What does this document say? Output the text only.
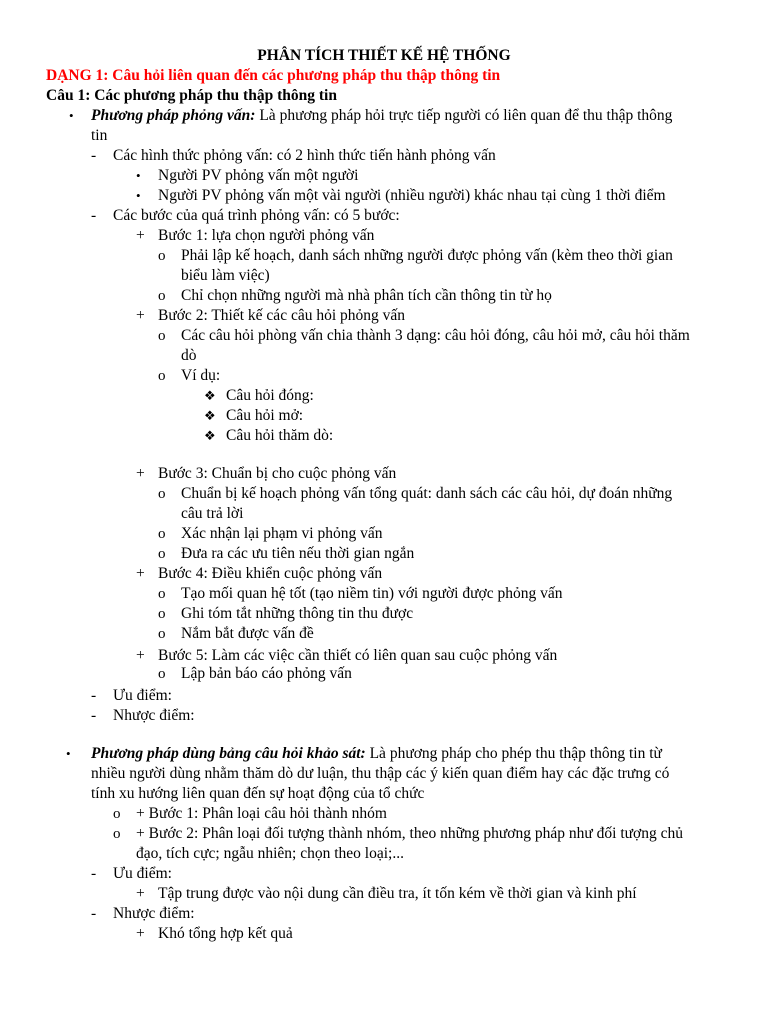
PHÂN TÍCH THIẾT KẾ HỆ THỐNG
DẠNG 1: Câu hỏi liên quan đến các phương pháp thu thập thông tin
Câu 1: Các phương pháp thu thập thông tin
• Phương pháp phỏng vấn: Là phương pháp hỏi trực tiếp người có liên quan để thu thập thông
tin
- Các hình thức phỏng vấn: có 2 hình thức tiến hành phỏng vấn
• Người PV phỏng vấn một người
• Người PV phỏng vấn một vài người (nhiều người) khác nhau tại cùng 1 thời điểm
- Các bước của quá trình phỏng vấn: có 5 bước:
+ Bước 1: lựa chọn người phỏng vấn
o Phải lập kế hoạch, danh sách những người được phỏng vấn (kèm theo thời gian
biểu làm việc)
o Chỉ chọn những người mà nhà phân tích cần thông tin từ họ
+ Bước 2: Thiết kế các câu hỏi phỏng vấn
o Các câu hỏi phòng vấn chia thành 3 dạng: câu hỏi đóng, câu hỏi mở, câu hỏi thăm
dò
o Ví dụ:
❖ Câu hỏi đóng:
❖ Câu hỏi mở:
❖ Câu hỏi thăm dò:
+ Bước 3: Chuẩn bị cho cuộc phỏng vấn
o Chuẩn bị kế hoạch phỏng vấn tổng quát: danh sách các câu hỏi, dự đoán những
câu trả lời
o Xác nhận lại phạm vi phỏng vấn
o Đưa ra các ưu tiên nếu thời gian ngắn
+ Bước 4: Điều khiển cuộc phỏng vấn
o Tạo mối quan hệ tốt (tạo niềm tin) với người được phỏng vấn
o Ghi tóm tắt những thông tin thu được
o Nắm bắt được vấn đề
+ Bước 5: Làm các việc cần thiết có liên quan sau cuộc phỏng vấn
o Lập bản báo cáo phỏng vấn
- Ưu điểm:
- Nhược điểm:
• Phương pháp dùng bảng câu hỏi khảo sát: Là phương pháp cho phép thu thập thông tin từ
nhiều người dùng nhằm thăm dò dư luận, thu thập các ý kiến quan điểm hay các đặc trưng có
tính xu hướng liên quan đến sự hoạt động của tổ chức
o + Bước 1: Phân loại câu hỏi thành nhóm
o + Bước 2: Phân loại đối tượng thành nhóm, theo những phương pháp như đối tượng chủ
đạo, tích cực; ngẫu nhiên; chọn theo loại;...
- Ưu điểm:
+ Tập trung được vào nội dung cần điều tra, ít tốn kém về thời gian và kinh phí
- Nhược điểm:
+ Khó tổng hợp kết quả
